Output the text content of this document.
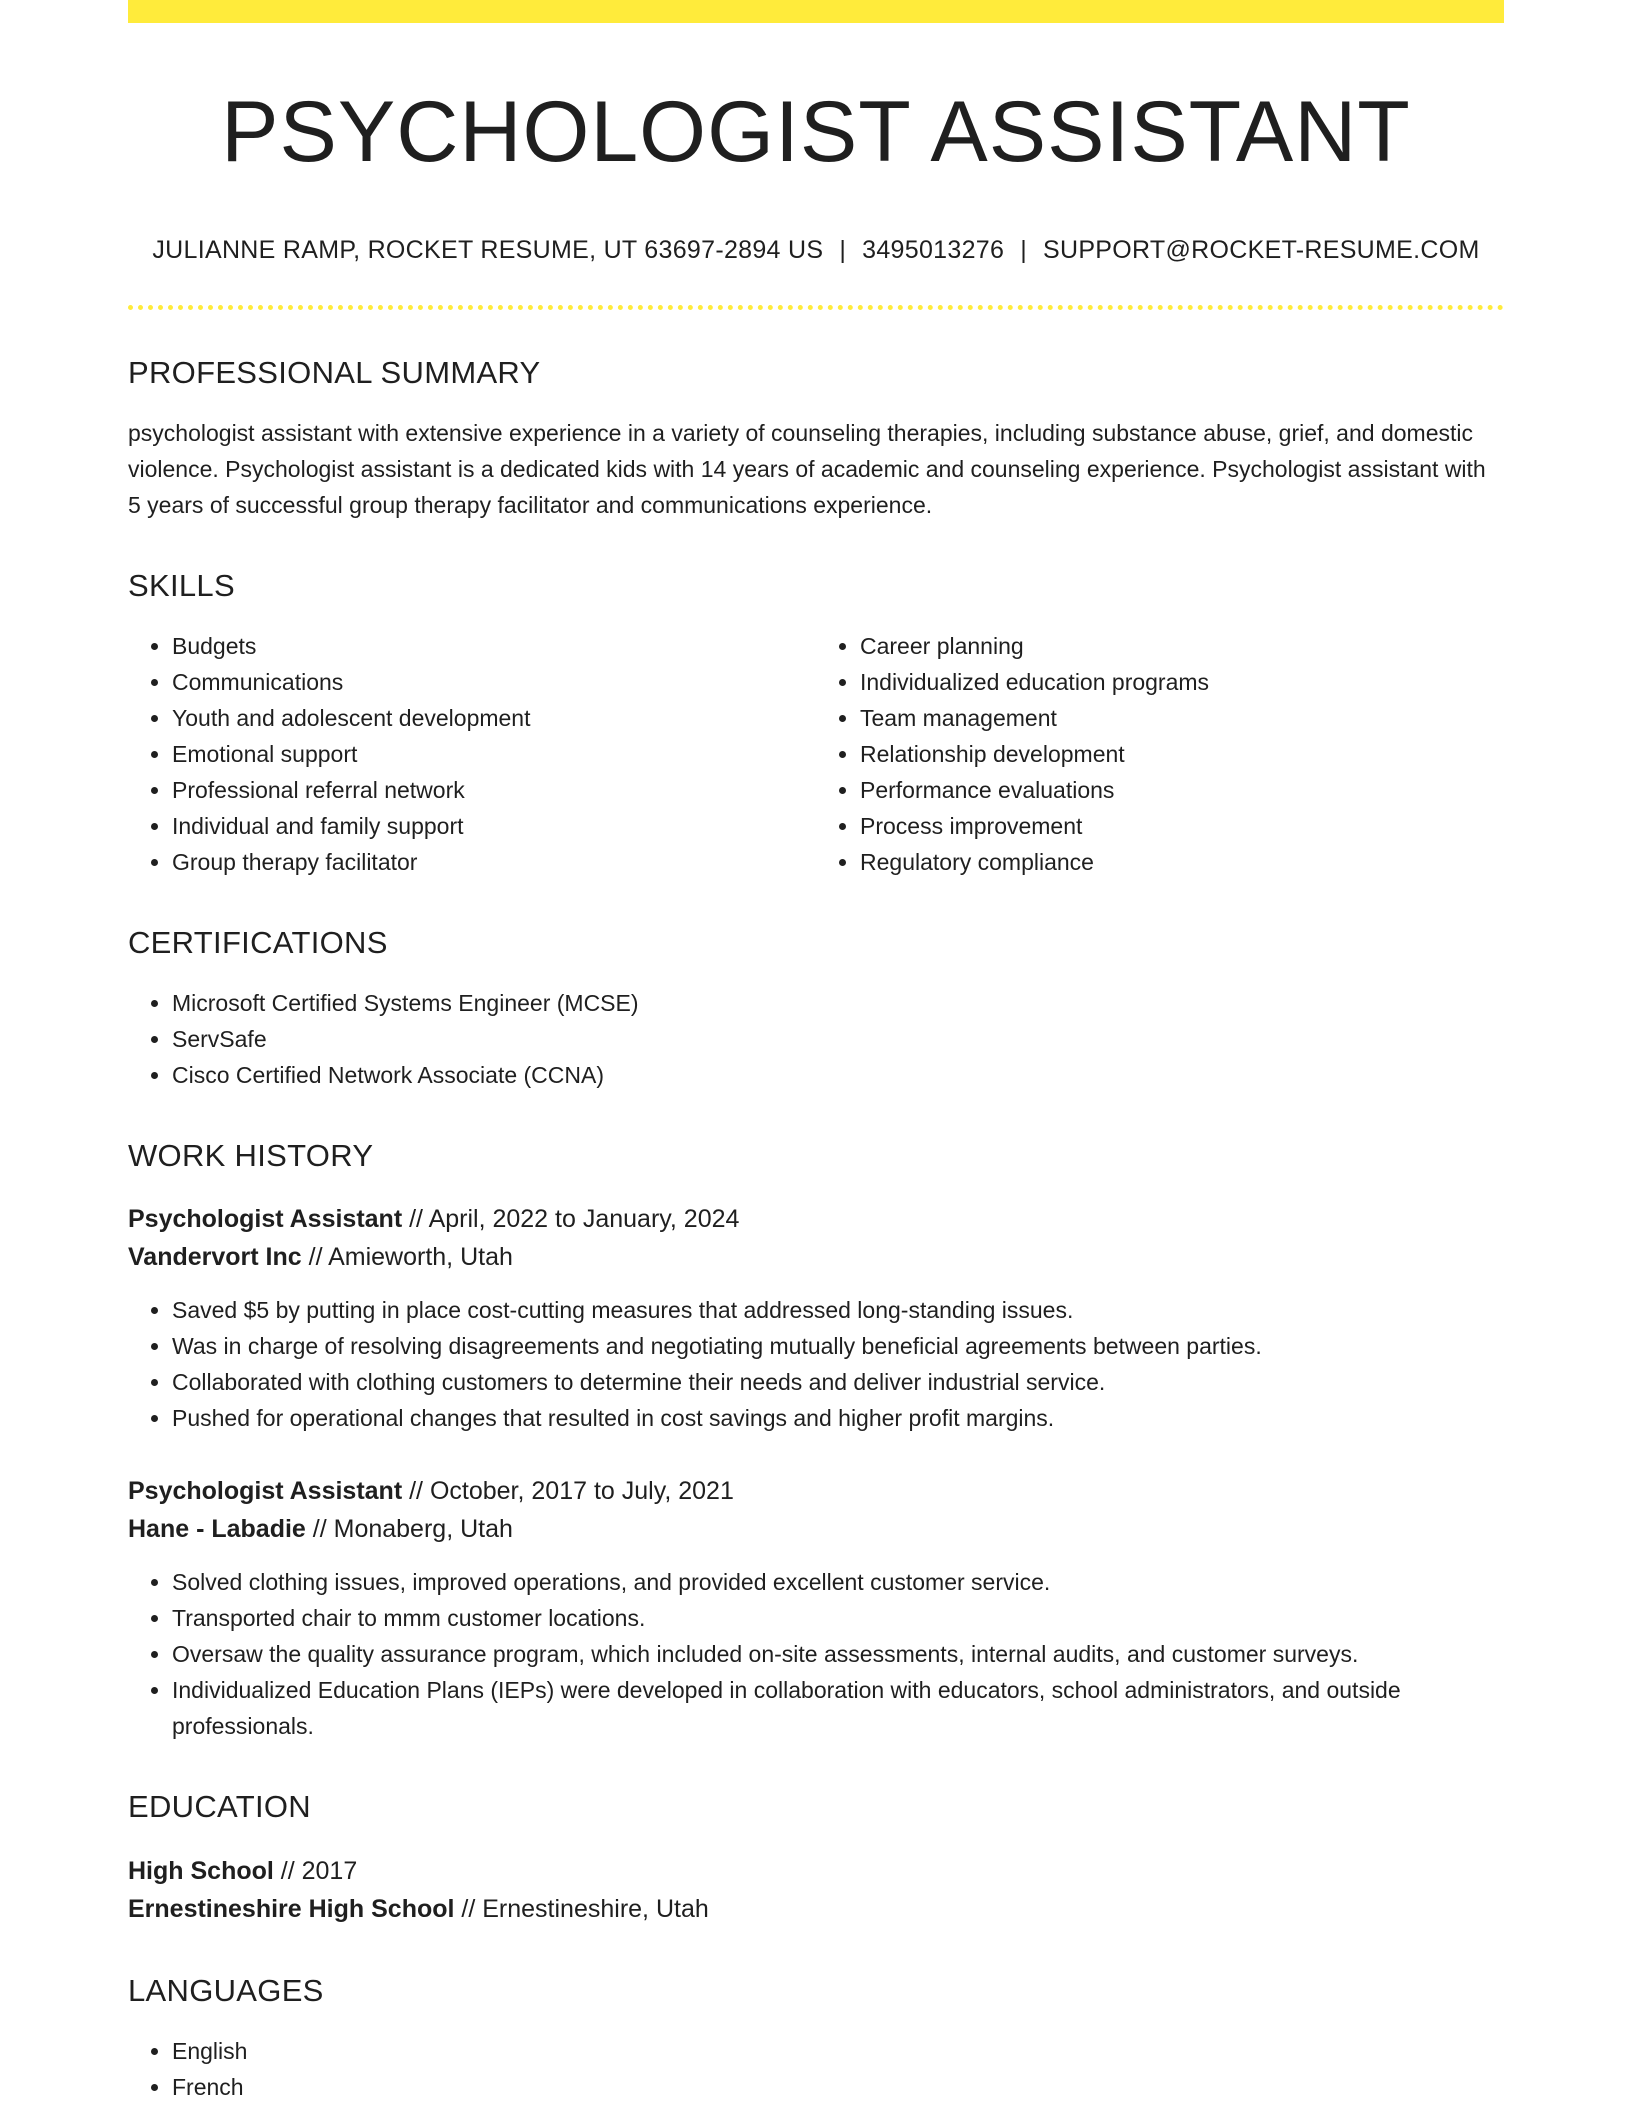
PSYCHOLOGIST ASSISTANT
JULIANNE RAMP, ROCKET RESUME, UT 63697-2894 US | 3495013276 | SUPPORT@ROCKET-RESUME.COM
PROFESSIONAL SUMMARY
psychologist assistant with extensive experience in a variety of counseling therapies, including substance abuse, grief, and domestic violence. Psychologist assistant is a dedicated kids with 14 years of academic and counseling experience. Psychologist assistant with 5 years of successful group therapy facilitator and communications experience.
SKILLS
• Budgets
• Communications
• Youth and adolescent development
• Emotional support
• Professional referral network
• Individual and family support
• Group therapy facilitator
• Career planning
• Individualized education programs
• Team management
• Relationship development
• Performance evaluations
• Process improvement
• Regulatory compliance
CERTIFICATIONS
• Microsoft Certified Systems Engineer (MCSE)
• ServSafe
• Cisco Certified Network Associate (CCNA)
WORK HISTORY
Psychologist Assistant // April, 2022 to January, 2024
Vandervort Inc // Amieworth, Utah
• Saved $5 by putting in place cost-cutting measures that addressed long-standing issues.
• Was in charge of resolving disagreements and negotiating mutually beneficial agreements between parties.
• Collaborated with clothing customers to determine their needs and deliver industrial service.
• Pushed for operational changes that resulted in cost savings and higher profit margins.
Psychologist Assistant // October, 2017 to July, 2021
Hane - Labadie // Monaberg, Utah
• Solved clothing issues, improved operations, and provided excellent customer service.
• Transported chair to mmm customer locations.
• Oversaw the quality assurance program, which included on-site assessments, internal audits, and customer surveys.
• Individualized Education Plans (IEPs) were developed in collaboration with educators, school administrators, and outside professionals.
EDUCATION
High School // 2017
Ernestineshire High School // Ernestineshire, Utah
LANGUAGES
• English
• French
